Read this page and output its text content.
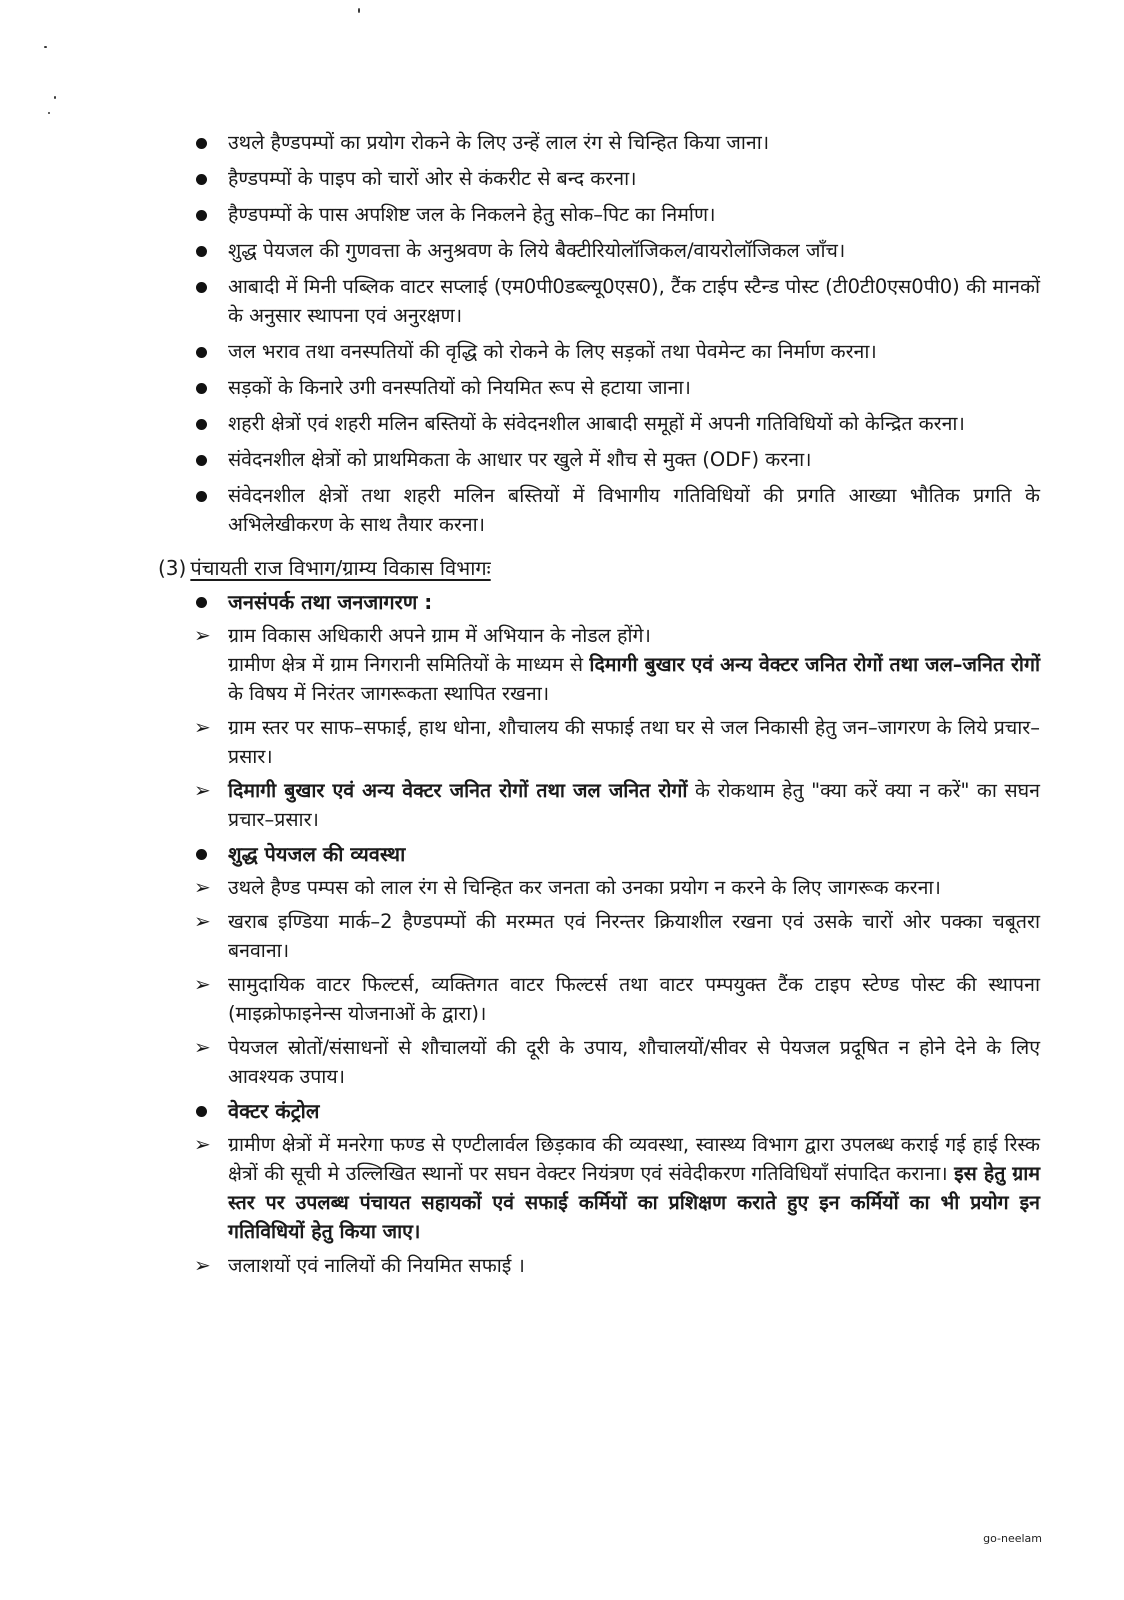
उथले हैण्डपम्पों का प्रयोग रोकने के लिए उन्हें लाल रंग से चिन्हित किया जाना।
हैण्डपम्पों के पाइप को चारों ओर से कंकरीट से बन्द करना।
हैण्डपम्पों के पास अपशिष्ट जल के निकलने हेतु सोक–पिट का निर्माण।
शुद्ध पेयजल की गुणवत्ता के अनुश्रवण के लिये बैक्टीरियोलॉजिकल/वायरोलॉजिकल जाँच।
आबादी में मिनी पब्लिक वाटर सप्लाई (एम0पी0डब्ल्यू0एस0), टैंक टाईप स्टैन्ड पोस्ट (टी0टी0एस0पी0) की मानकों के अनुसार स्थापना एवं अनुरक्षण।
जल भराव तथा वनस्पतियों की वृद्धि को रोकने के लिए सड़कों तथा पेवमेन्ट का निर्माण करना।
सड़कों के किनारे उगी वनस्पतियों को नियमित रूप से हटाया जाना।
शहरी क्षेत्रों एवं शहरी मलिन बस्तियों के संवेदनशील आबादी समूहों में अपनी गतिविधियों को केन्द्रित करना।
संवेदनशील क्षेत्रों को प्राथमिकता के आधार पर खुले में शौच से मुक्त (ODF) करना।
संवेदनशील क्षेत्रों तथा शहरी मलिन बस्तियों में विभागीय गतिविधियों की प्रगति आख्या भौतिक प्रगति के अभिलेखीकरण के साथ तैयार करना।
(3) पंचायती राज विभाग/ग्राम्य विकास विभागः
जनसंपर्क तथा जनजागरण :
➢ ग्राम विकास अधिकारी अपने ग्राम में अभियान के नोडल होंगे।
ग्रामीण क्षेत्र में ग्राम निगरानी समितियों के माध्यम से दिमागी बुखार एवं अन्य वेक्टर जनित रोगों तथा जल–जनित रोगों के विषय में निरंतर जागरूकता स्थापित रखना।
➢ ग्राम स्तर पर साफ–सफाई, हाथ धोना, शौचालय की सफाई तथा घर से जल निकासी हेतु जन–जागरण के लिये प्रचार–प्रसार।
➢ दिमागी बुखार एवं अन्य वेक्टर जनित रोगों तथा जल जनित रोगों के रोकथाम हेतु "क्या करें क्या न करें" का सघन प्रचार–प्रसार।
शुद्ध पेयजल की व्यवस्था
➢ उथले हैण्ड पम्पस को लाल रंग से चिन्हित कर जनता को उनका प्रयोग न करने के लिए जागरूक करना।
➢ खराब इण्डिया मार्क–2 हैण्डपम्पों की मरम्मत एवं निरन्तर क्रियाशील रखना एवं उसके चारों ओर पक्का चबूतरा बनवाना।
➢ सामुदायिक वाटर फिल्टर्स, व्यक्तिगत वाटर फिल्टर्स तथा वाटर पम्पयुक्त टैंक टाइप स्टेण्ड पोस्ट की स्थापना (माइक्रोफाइनेन्स योजनाओं के द्वारा)।
➢ पेयजल स्रोतों/संसाधनों से शौचालयों की दूरी के उपाय, शौचालयों/सीवर से पेयजल प्रदूषित न होने देने के लिए आवश्यक उपाय।
वेक्टर कंट्रोल
➢ ग्रामीण क्षेत्रों में मनरेगा फण्ड से एण्टीलार्वल छिड़काव की व्यवस्था, स्वास्थ्य विभाग द्वारा उपलब्ध कराई गई हाई रिस्क क्षेत्रों की सूची मे उल्लिखित स्थानों पर सघन वेक्टर नियंत्रण एवं संवेदीकरण गतिविधियाँ संपादित कराना। इस हेतु ग्राम स्तर पर उपलब्ध पंचायत सहायकों एवं सफाई कर्मियों का प्रशिक्षण कराते हुए इन कर्मियों का भी प्रयोग इन गतिविधियों हेतु किया जाए।
➢ जलाशयों एवं नालियों की नियमित सफाई ।
go-neelam
